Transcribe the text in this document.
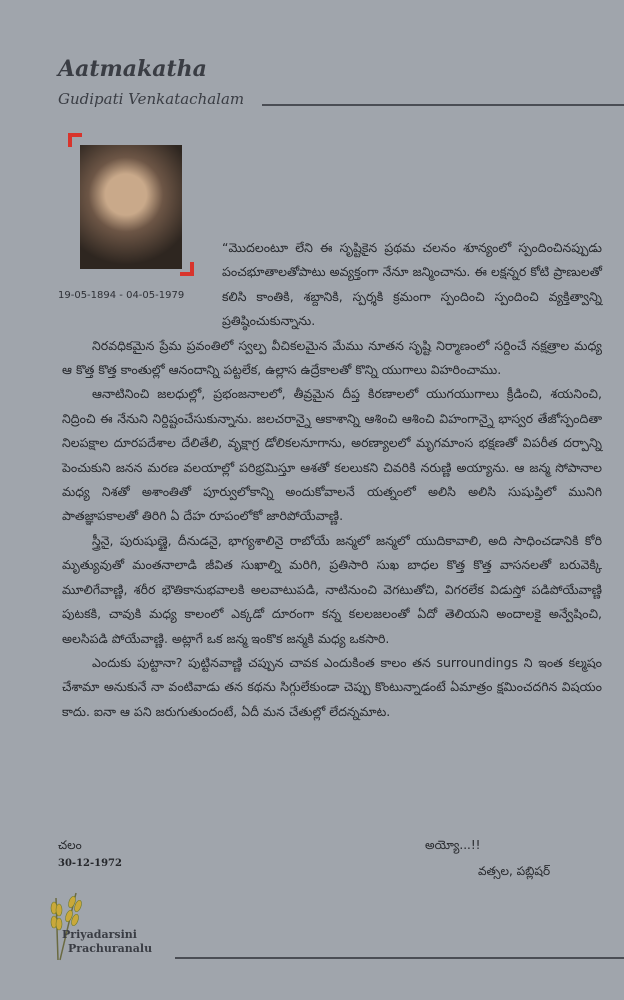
Aatmakatha
Gudipati Venkatachalam
19-05-1894 - 04-05-1979

“మొదలంటూ లేని ఈ సృష్టికైన ప్రథమ చలనం శూన్యంలో స్పందించినప్పుడు పంచభూతాలతోపాటు అవ్యక్తంగా నేనూ జన్మించాను. ఈ లక్షన్నర కోటి ప్రాణులతో కలిసి కాంతికి, శబ్దానికి, స్పర్శకి క్రమంగా స్పందించి స్పందించి వ్యక్తిత్వాన్ని ప్రతిష్ఠించుకున్నాను.

నిరవధికమైన ప్రేమ ప్రవంతిలో స్వల్ప వీచికలమైన మేము నూతన సృష్టి నిర్మాణంలో సర్దించే నక్షత్రాల మధ్య ఆ కొత్త కొత్త కాంతుల్లో ఆనందాన్ని పట్టలేక, ఉల్లాస ఉద్రేకాలతో కొన్ని యుగాలు విహరించాము.

ఆనాటినించి జలధుల్లో, ప్రభంజనాలలో, తీవ్రమైన దీప్త కిరణాలలో యుగయుగాలు క్రీడించి, శయనించి, నిద్రించి ఈ నేనుని నిర్దిష్టంచేసుకున్నాను. జలచరాన్నై ఆకాశాన్ని ఆశించి ఆశించి విహంగాన్నై భాస్వర తేజోస్పందితా నిలపక్షాల దూరపదేశాల దేలితేలి, వృక్షాగ్ర డోలికలనూగాను, అరణ్యాలలో మృగమాంస భక్షణతో విపరీత దర్పాన్ని పెంచుకుని జనన మరణ వలయాల్లో పరిభ్రమిస్తూ ఆశతో కలలుకని చివరికి నరుణ్ణి అయ్యాను. ఆ జన్మ సోపానాల మధ్య నిశతో అశాంతితో పూర్వులోకాన్ని అందుకోవాలనే యత్నంలో అలిసి అలిసి సుషుప్తిలో మునిగి పాతజ్ఞాపకాలతో తిరిగి ఏ దేహ రూపంలోకో జారిపోయేవాణ్ణి.

స్త్రీనై, పురుషుణ్ణై, దీనుడనై, భాగ్యశాలినై రాబోయే జన్మలో జన్మలో యుదికావాలి, అది సాధించడానికి కోరి మృత్యువుతో మంతనాలాడి జీవిత సుఖాల్ని మరిగి, ప్రతిసారి సుఖ బాధల కొత్త కొత్త వాసనలతో బరువెక్కి మూలిగేవాణ్ణి, శరీర భౌతికానుభవాలకి అలవాటుపడి, నాటినుంచి వెగటుతోచి, విగరలేక విడుస్తో పడిపోయేవాణ్ణి పుటకకి, చావుకి మధ్య కాలంలో ఎక్కడో దూరంగా కన్న కలలజలంతో ఏదో తెలియని అందాలకై అన్వేషించి, అలసిపడి పోయేవాణ్ణి. అట్లాగే ఒక జన్మ ఇంకొక జన్మకి మధ్య ఒకసారి.

ఎందుకు పుట్టానా? పుట్టినవాణ్ణి చప్పున చావక ఎందుకింత కాలం తన surroundings ని ఇంత కల్మషం చేశామా అనుకునే నా వంటివాడు తన కథను సిగ్గులేకుండా చెప్పు కొంటున్నాడంటే ఏమాత్రం క్షమించదగిన విషయం కాదు. ఐనా ఆ పని జరుగుతుందంటే, ఏదీ మన చేతుల్లో లేదన్నమాట.

చలం
30-12-1972
అయ్యో...!!
వత్సల, పబ్లిషర్
Priyadarsini
Prachuranalu
